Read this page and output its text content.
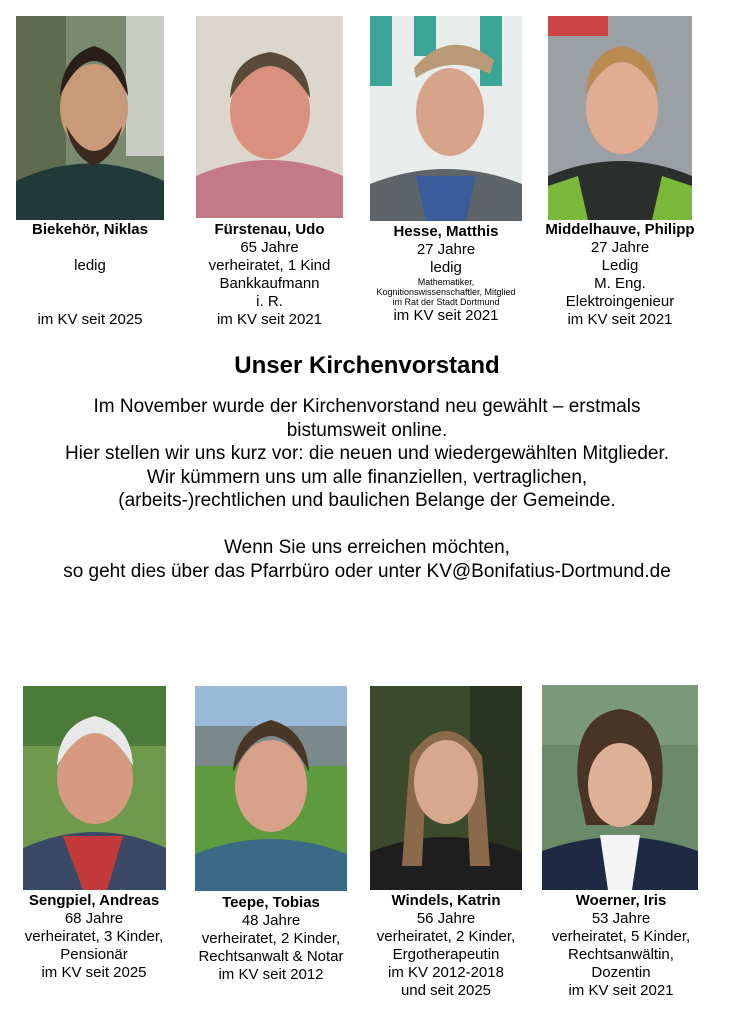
Biekehör, Niklas
ledig
im KV seit 2025
Fürstenau, Udo
65 Jahre
verheiratet, 1 Kind
Bankkaufmann
i. R.
im KV seit 2021
Hesse, Matthis
27 Jahre
ledig
Mathematiker,
Kognitionswissenschaftler, Mitglied
im Rat der Stadt Dortmund
im KV seit 2021
Middelhauve, Philipp
27 Jahre
Ledig
M. Eng.
Elektroingenieur
im KV seit 2021
Unser Kirchenvorstand
Im November wurde der Kirchenvorstand neu gewählt – erstmals
bistumsweit online.
Hier stellen wir uns kurz vor: die neuen und wiedergewählten Mitglieder.
Wir kümmern uns um alle finanziellen, vertraglichen,
(arbeits-)rechtlichen und baulichen Belange der Gemeinde.
Wenn Sie uns erreichen möchten,
so geht dies über das Pfarrbüro oder unter KV@Bonifatius-Dortmund.de
Sengpiel, Andreas
68 Jahre
verheiratet, 3 Kinder,
Pensionär
im KV seit 2025
Teepe, Tobias
48 Jahre
verheiratet, 2 Kinder,
Rechtsanwalt & Notar
im KV seit 2012
Windels, Katrin
56 Jahre
verheiratet, 2 Kinder,
Ergotherapeutin
im KV 2012-2018
und seit 2025
Woerner, Iris
53 Jahre
verheiratet, 5 Kinder,
Rechtsanwältin,
Dozentin
im KV seit 2021
